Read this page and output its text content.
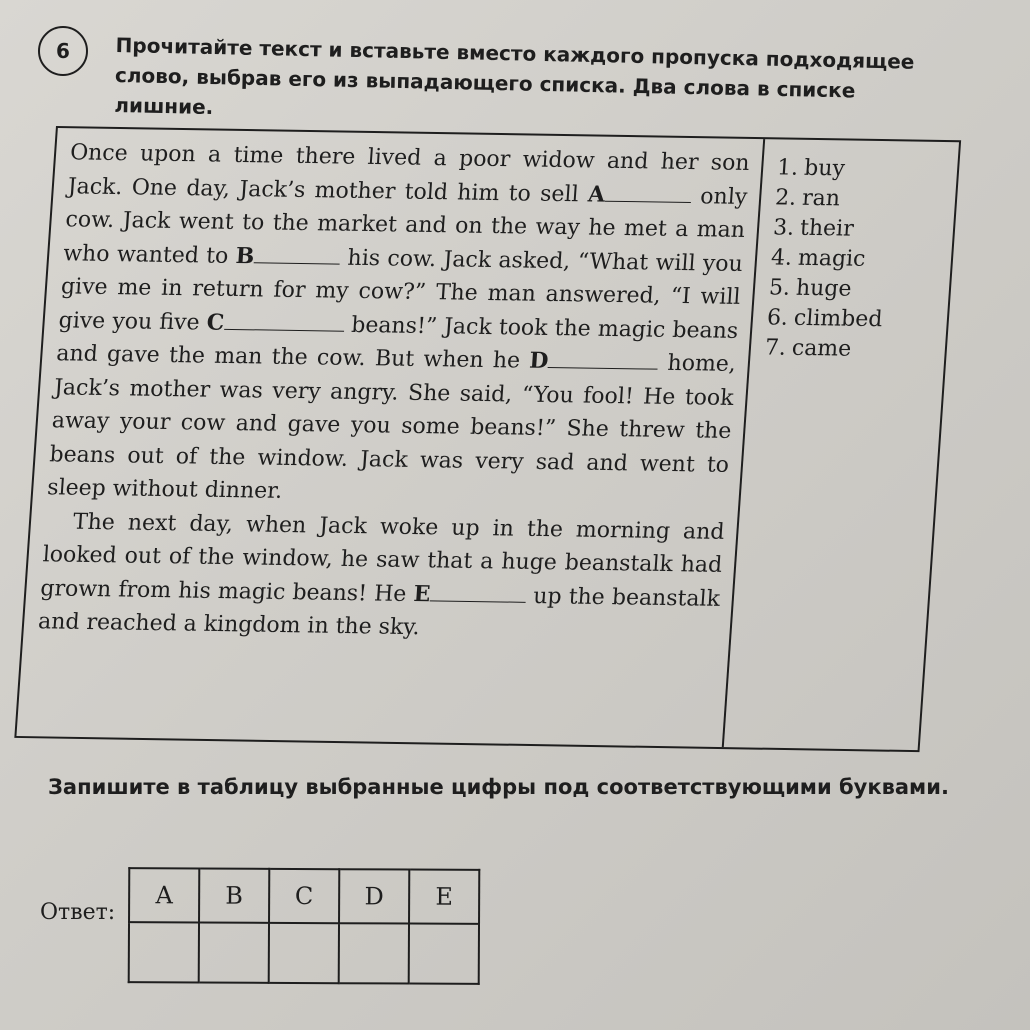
6 Прочитайте текст и вставьте вместо каждого пропуска подходящее слово, выбрав его из выпадающего списка. Два слова в списке лишние.

Once upon a time there lived a poor widow and her son Jack. One day, Jack’s mother told him to sell A	only cow. Jack went to the market and on the way he met a man who wanted to B	his cow. Jack asked, “What will you give me in return for my cow?” The man answered, “I will give you five C	beans!” Jack took the magic beans and gave the man the cow. But when he D	home, Jack’s mother was very angry. She said, “You fool! He took away your cow and gave you some beans!” She threw the beans out of the window. Jack was very sad and went to sleep without dinner.

The next day, when Jack woke up in the morning and looked out of the window, he saw that a huge beanstalk had grown from his magic beans! He E	up the beanstalk and reached a kingdom in the sky.

1. buy
2. ran
3. their
4. magic
5. huge
6. climbed
7. came
Запишите в таблицу выбранные цифры под соответствующими буквами.
Ответ:
A	B	C	D	E
